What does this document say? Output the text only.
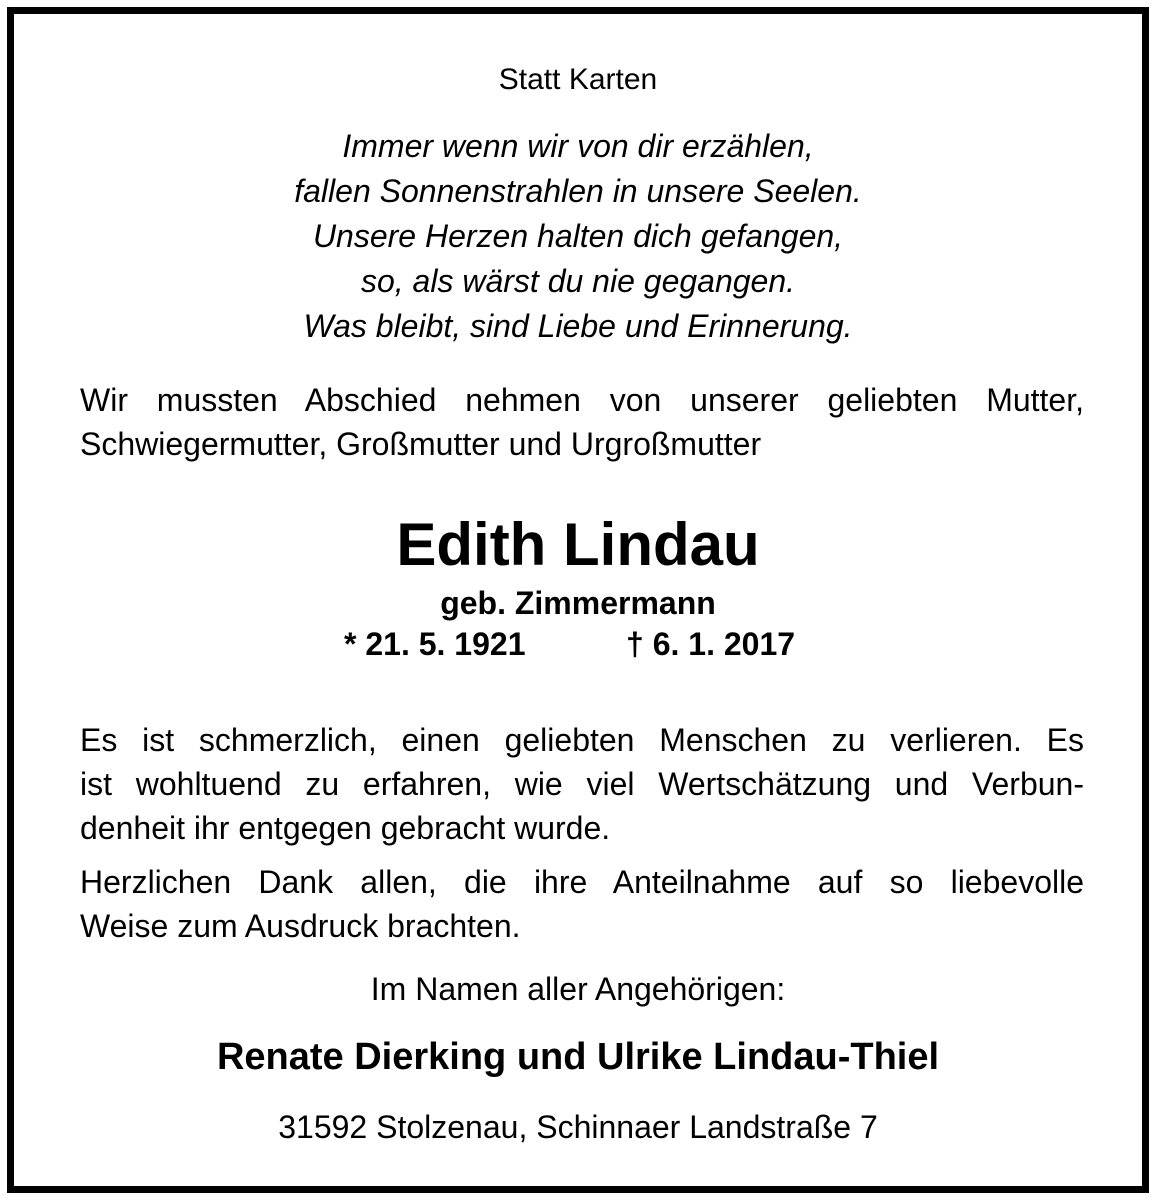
Statt Karten
Immer wenn wir von dir erzählen,
fallen Sonnenstrahlen in unsere Seelen.
Unsere Herzen halten dich gefangen,
so, als wärst du nie gegangen.
Was bleibt, sind Liebe und Erinnerung.
Wir mussten Abschied nehmen von unserer geliebten Mutter,
Schwiegermutter, Großmutter und Urgroßmutter
Edith Lindau
geb. Zimmermann
* 21. 5. 1921	† 6. 1. 2017
Es ist schmerzlich, einen geliebten Menschen zu verlieren. Es
ist wohltuend zu erfahren, wie viel Wertschätzung und Verbun-
denheit ihr entgegen gebracht wurde.
Herzlichen Dank allen, die ihre Anteilnahme auf so liebevolle
Weise zum Ausdruck brachten.
Im Namen aller Angehörigen:
Renate Dierking und Ulrike Lindau-Thiel
31592 Stolzenau, Schinnaer Landstraße 7
